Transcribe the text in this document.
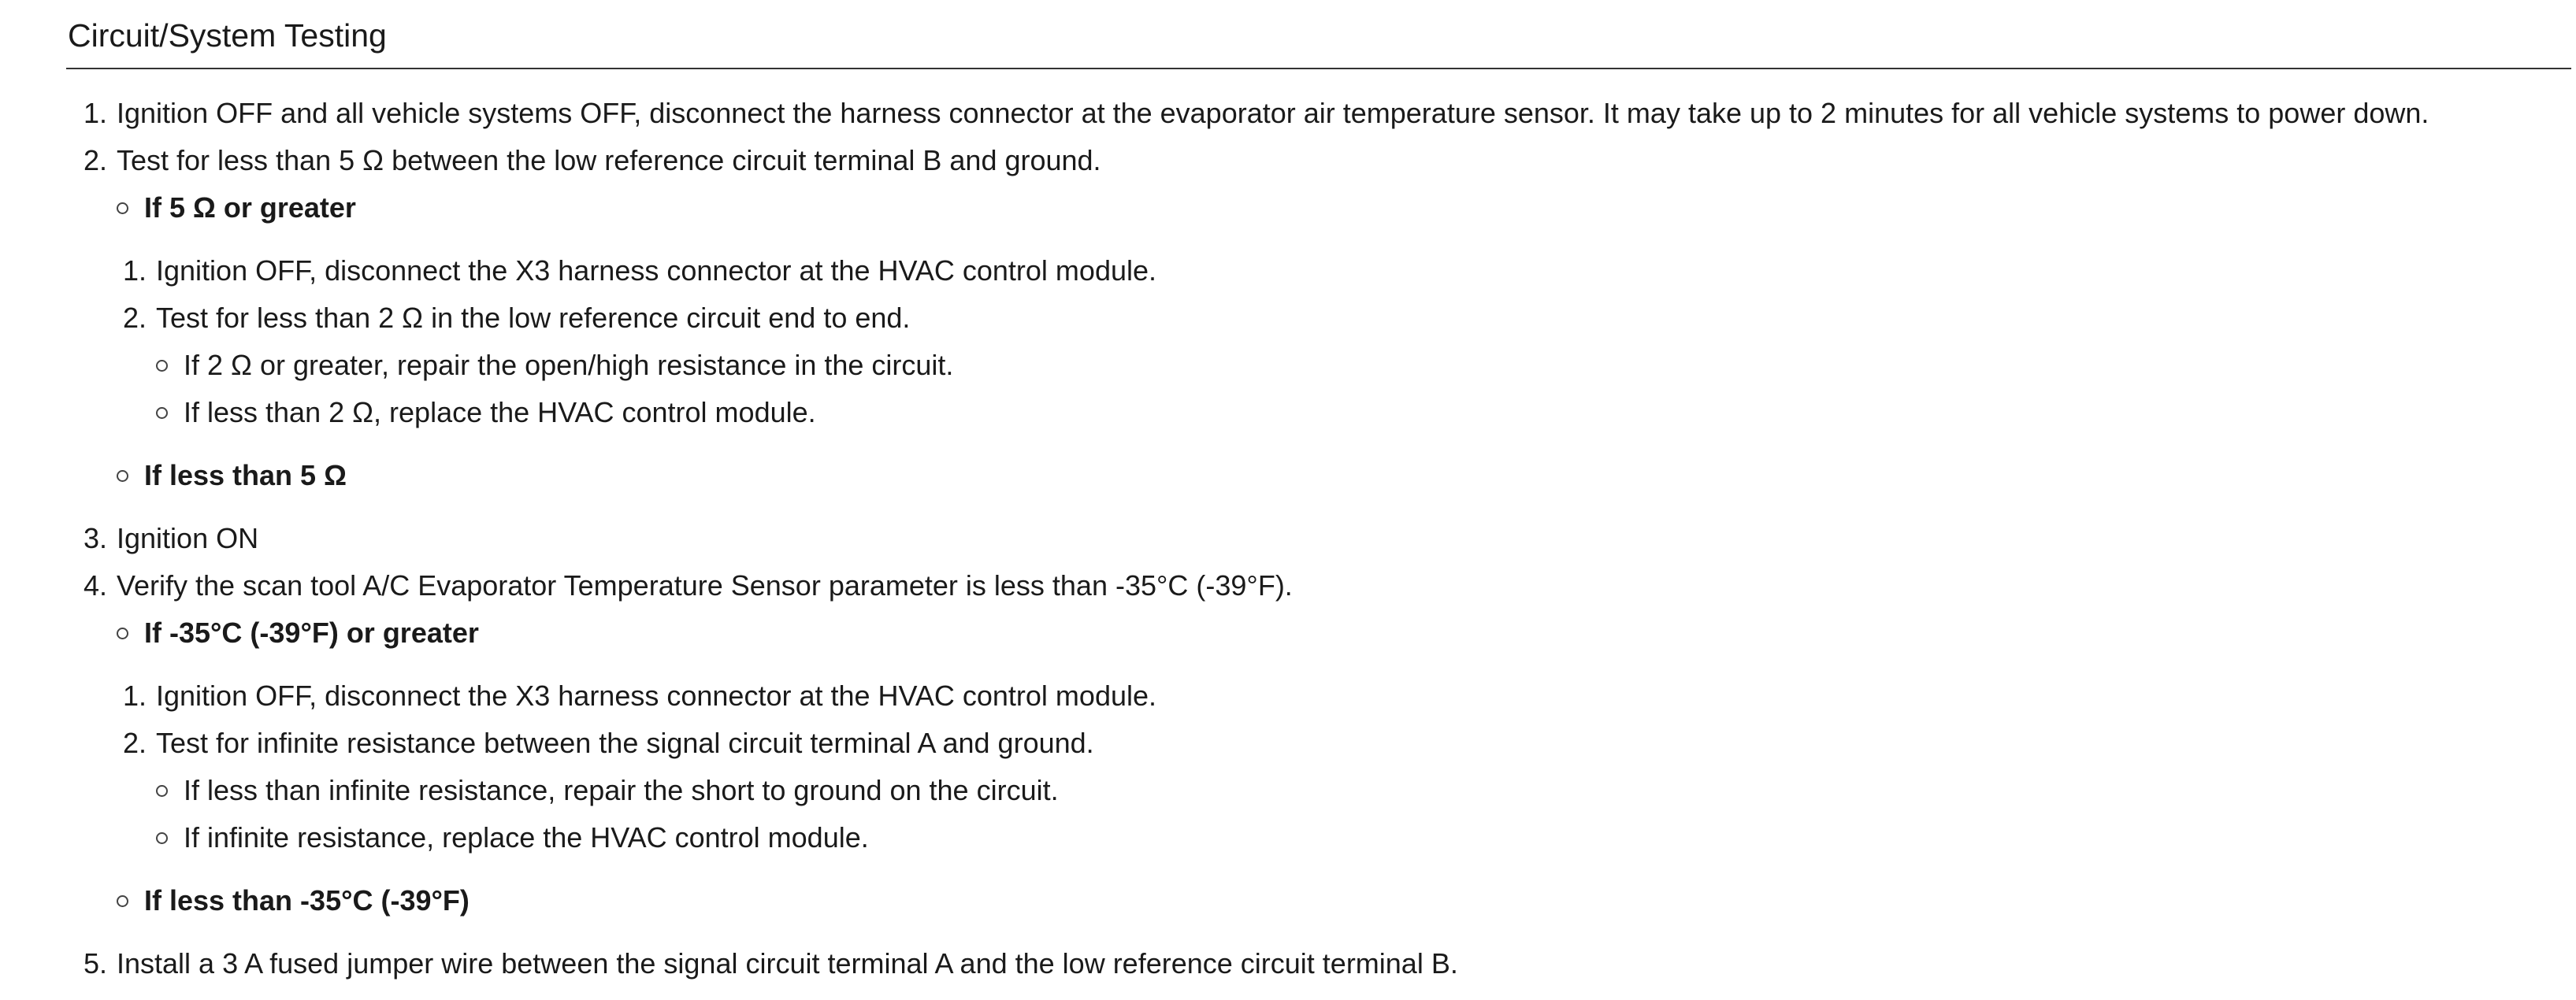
Circuit/System Testing
1. Ignition OFF and all vehicle systems OFF, disconnect the harness connector at the evaporator air temperature sensor. It may take up to 2 minutes for all vehicle systems to power down.
2. Test for less than 5 Ω between the low reference circuit terminal B and ground.
If 5 Ω or greater
1. Ignition OFF, disconnect the X3 harness connector at the HVAC control module.
2. Test for less than 2 Ω in the low reference circuit end to end.
If 2 Ω or greater, repair the open/high resistance in the circuit.
If less than 2 Ω, replace the HVAC control module.
If less than 5 Ω
3. Ignition ON
4. Verify the scan tool A/C Evaporator Temperature Sensor parameter is less than -35°C (-39°F).
If -35°C (-39°F) or greater
1. Ignition OFF, disconnect the X3 harness connector at the HVAC control module.
2. Test for infinite resistance between the signal circuit terminal A and ground.
If less than infinite resistance, repair the short to ground on the circuit.
If infinite resistance, replace the HVAC control module.
If less than -35°C (-39°F)
5. Install a 3 A fused jumper wire between the signal circuit terminal A and the low reference circuit terminal B.
